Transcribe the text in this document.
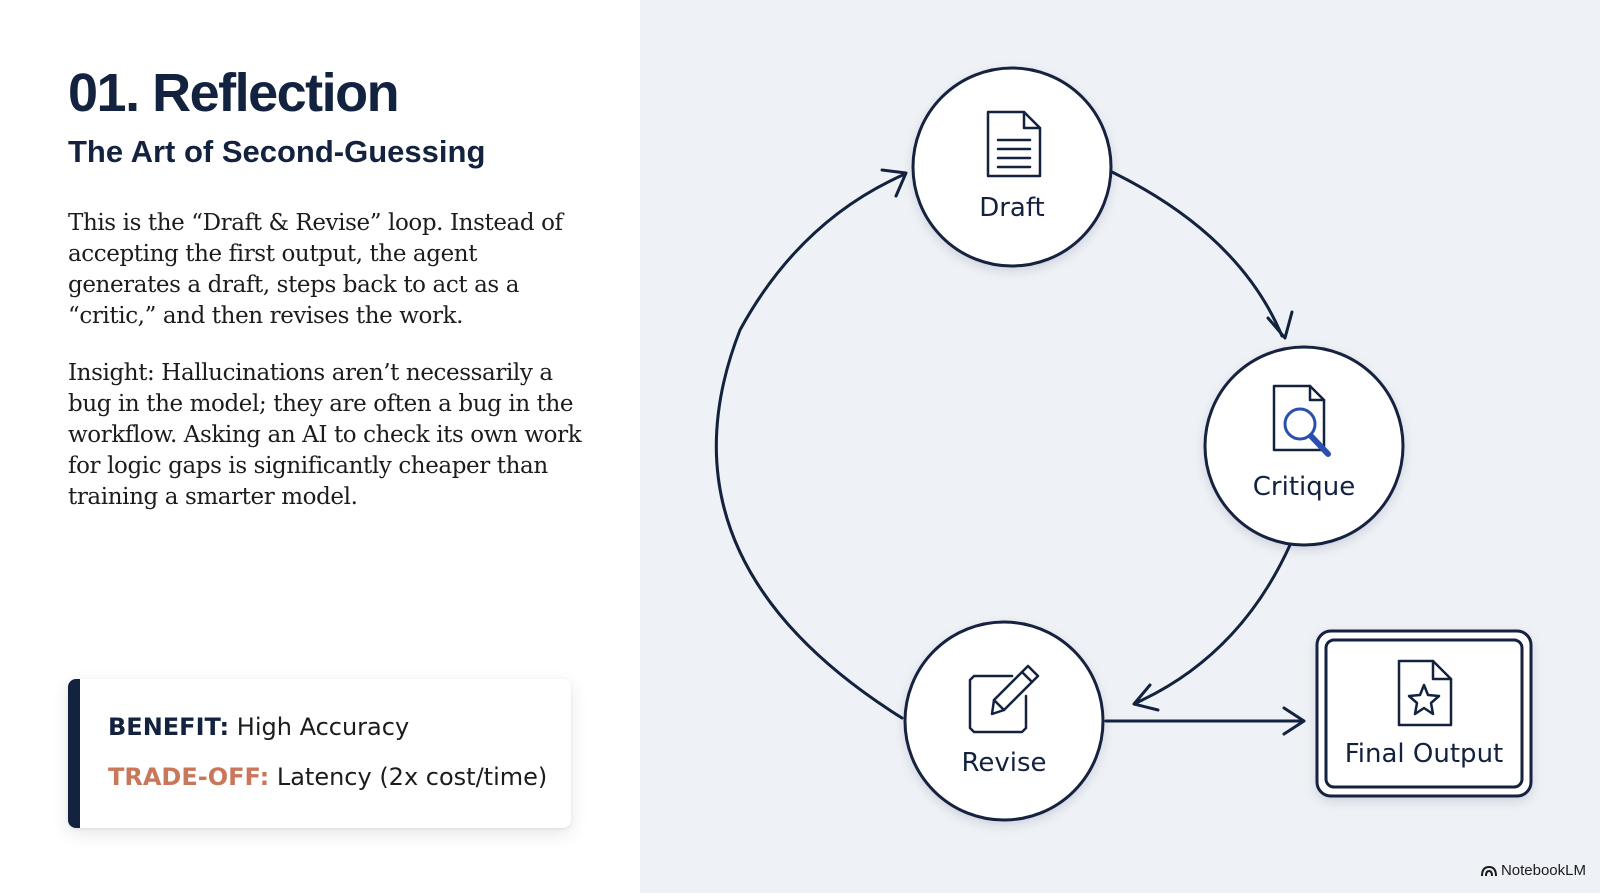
01. Reflection
The Art of Second-Guessing

This is the “Draft & Revise” loop. Instead of accepting the first output, the agent generates a draft, steps back to act as a “critic,” and then revises the work.

Insight: Hallucinations aren’t necessarily a bug in the model; they are often a bug in the workflow. Asking an AI to check its own work for logic gaps is significantly cheaper than training a smarter model.

BENEFIT: High Accuracy
TRADE-OFF: Latency (2x cost/time)
Draft
Critique
Revise	Final Output
NotebookLM
